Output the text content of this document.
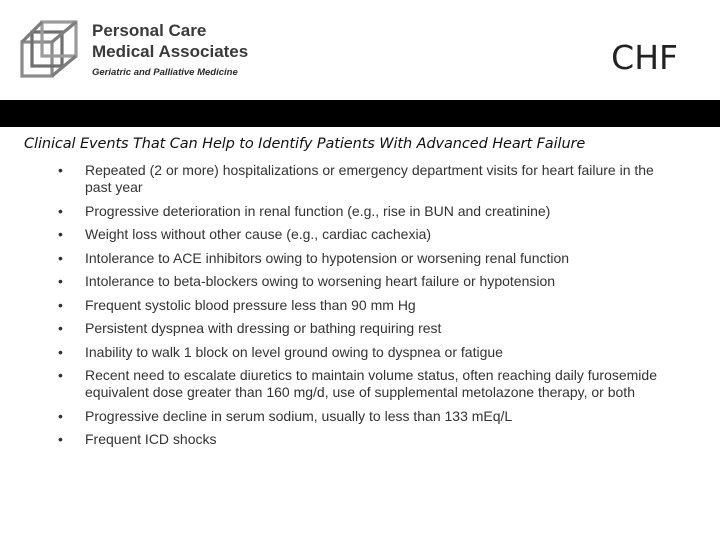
Personal Care
Medical Associates
Geriatric and Palliative Medicine	CHF
Clinical Events That Can Help to Identify Patients With Advanced Heart Failure
•	Repeated (2 or more) hospitalizations or emergency department visits for heart failure in the past year
•	Progressive deterioration in renal function (e.g., rise in BUN and creatinine)
•	Weight loss without other cause (e.g., cardiac cachexia)
•	Intolerance to ACE inhibitors owing to hypotension or worsening renal function
•	Intolerance to beta-blockers owing to worsening heart failure or hypotension
•	Frequent systolic blood pressure less than 90 mm Hg
•	Persistent dyspnea with dressing or bathing requiring rest
•	Inability to walk 1 block on level ground owing to dyspnea or fatigue
•	Recent need to escalate diuretics to maintain volume status, often reaching daily furosemide equivalent dose greater than 160 mg/d, use of supplemental metolazone therapy, or both
•	Progressive decline in serum sodium, usually to less than 133 mEq/L
•	Frequent ICD shocks
